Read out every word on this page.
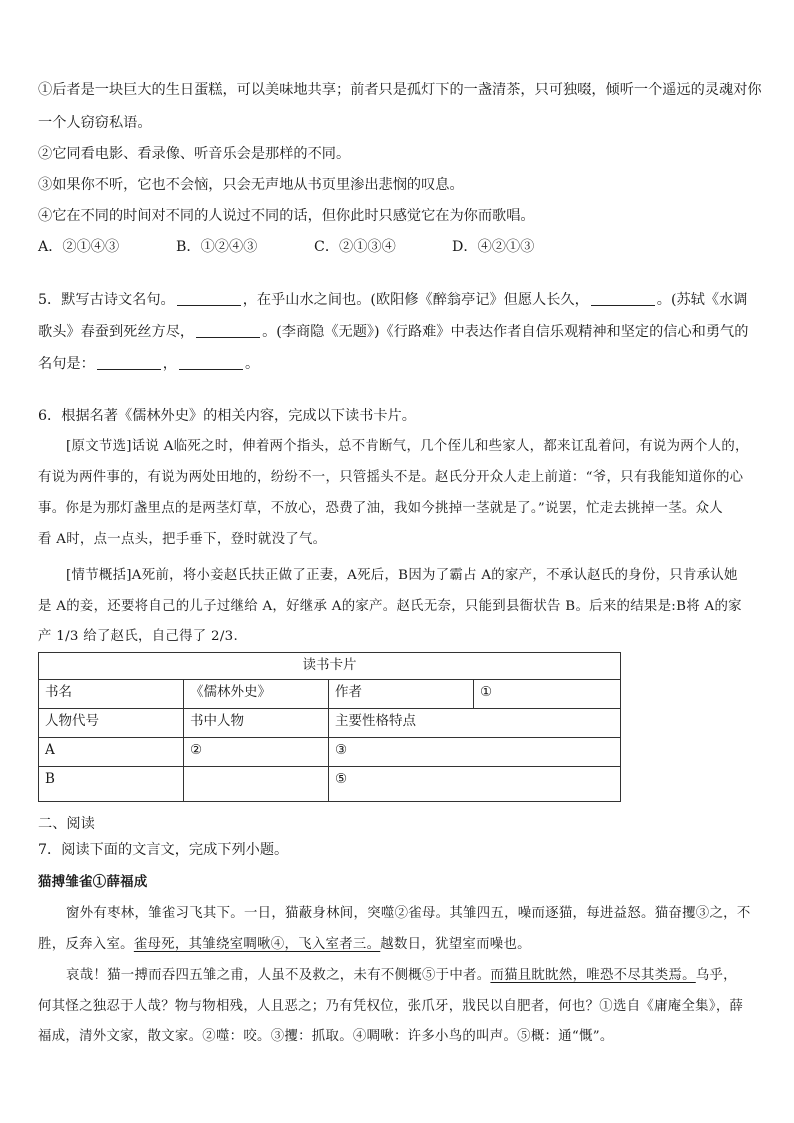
①后者是一块巨大的生日蛋糕，可以美味地共享；前者只是孤灯下的一盏清茶，只可独啜，倾听一个遥远的灵魂对你
一个人窃窃私语。
②它同看电影、看录像、听音乐会是那样的不同。
③如果你不听，它也不会恼，只会无声地从书页里渗出悲悯的叹息。
④它在不同的时间对不同的人说过不同的话，但你此时只感觉它在为你而歌唱。
A．②①④③	B．①②④③	C．②①③④	D．④②①③
5．默写古诗文名句。	，在乎山水之间也。(欧阳修《醉翁亭记》但愿人长久，	。(苏轼《水调
歌头》春蚕到死丝方尽，	。(李商隐《无题》)《行路难》中表达作者自信乐观精神和坚定的信心和勇气的
名句是：	，	。
6．根据名著《儒林外史》的相关内容，完成以下读书卡片。
[原文节选]话说 A临死之时，伸着两个指头，总不肯断气，几个侄儿和些家人，都来讧乱着问，有说为两个人的，
有说为两件事的，有说为两处田地的，纷纷不一，只管摇头不是。赵氏分开众人走上前道：“爷，只有我能知道你的心
事。你是为那灯盏里点的是两茎灯草，不放心，恐费了油，我如今挑掉一茎就是了。”说罢，忙走去挑掉一茎。众人
看 A时，点一点头，把手垂下，登时就没了气。
[情节概括]A死前，将小妾赵氏扶正做了正妻，A死后，B因为了霸占 A的家产，不承认赵氏的身份，只肯承认她
是 A的妾，还要将自己的儿子过继给 A，好继承 A的家产。赵氏无奈，只能到县衙状告 B。后来的结果是:B将 A的家
产 1/3 给了赵氏，自己得了 2/3.
读书卡片			
书名	《儒林外史》	作者	①
人物代号	书中人物	主要性格特点	
A	②	③	
B		⑤	
二、阅读
7．阅读下面的文言文，完成下列小题。
猫搏雏雀①薛福成
窗外有枣林，雏雀习飞其下。一日，猫蔽身林间，突噬②雀母。其雏四五，噪而逐猫，每进益怒。猫奋攫③之，不
胜，反奔入室。雀母死，其雏绕室啁啾④，飞入室者三。越数日，犹望室而噪也。
哀哉！猫一搏而吞四五雏之甫，人虽不及救之，未有不侧概⑤于中者。而猫且眈眈然，唯恐不尽其类焉。乌乎，
何其怪之独忍于人哉？物与物相残，人且恶之；乃有凭权位，张爪牙，戕民以自肥者，何也？①选自《庸庵全集》，薛
福成，清外文家，散文家。②噬：咬。③攫：抓取。④啁啾：许多小鸟的叫声。⑤概：通“慨”。
